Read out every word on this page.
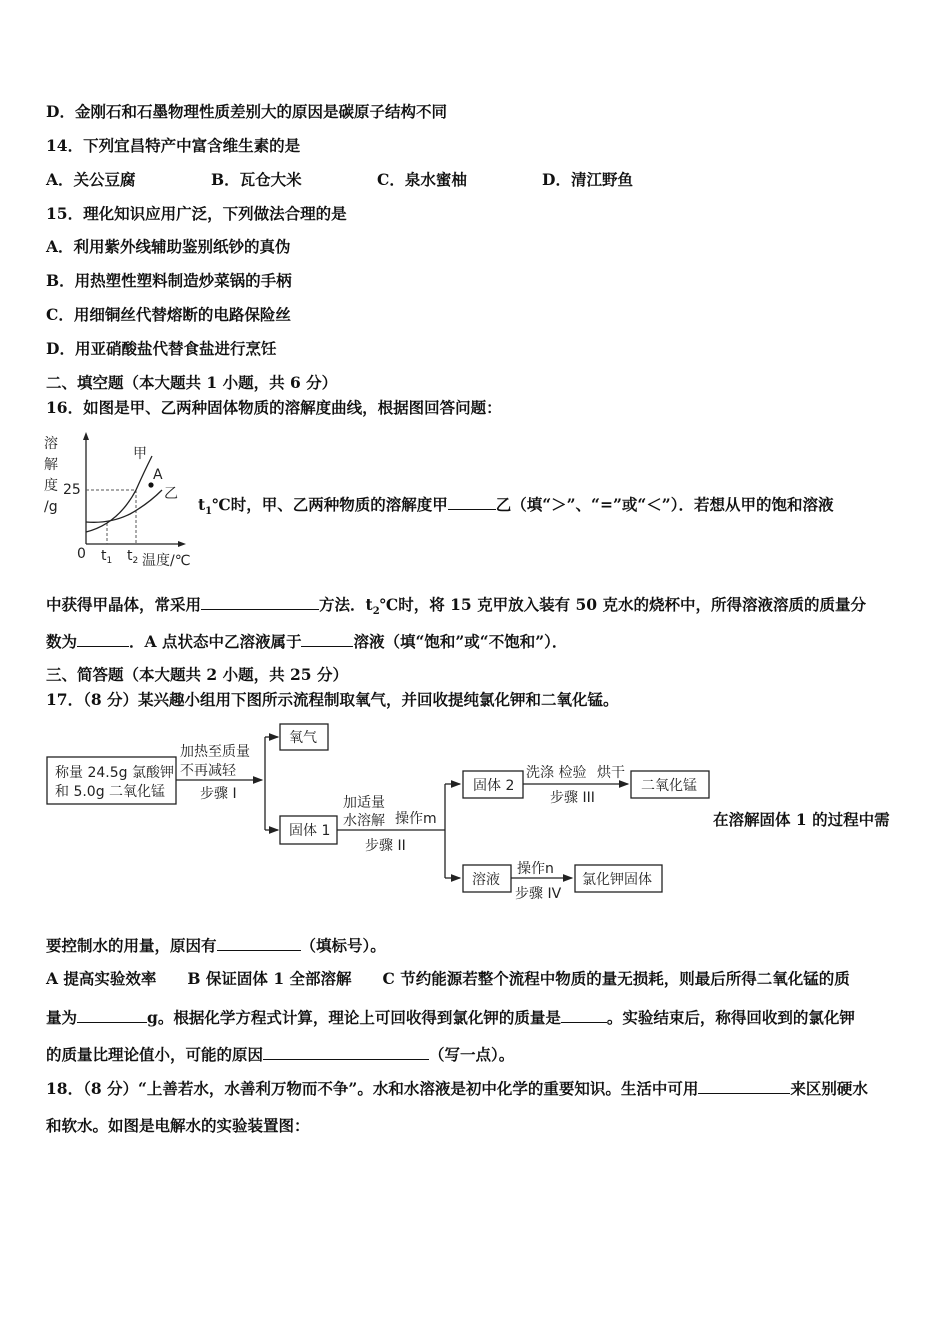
D．金刚石和石墨物理性质差别大的原因是碳原子结构不同
14．下列宜昌特产中富含维生素的是
A．关公豆腐	B．瓦仓大米	C．泉水蜜柚	D．清江野鱼
15．理化知识应用广泛，下列做法合理的是
A．利用紫外线辅助鉴别纸钞的真伪
B．用热塑性塑料制造炒菜锅的手柄
C．用细铜丝代替熔断的电路保险丝
D．用亚硝酸盐代替食盐进行烹饪
二、填空题（本大题共 1 小题，共 6 分）
16．如图是甲、乙两种固体物质的溶解度曲线，根据图回答问题：
溶
解
度
/g
25
0
A
甲
乙
$t_1$ $t_2$ 温度/℃
$t_1℃$时，甲、乙两种物质的溶解度甲	乙（填“＞”、“=”或“＜”）．若想从甲的饱和溶液
中获得甲晶体，常采用	方法．$t_2℃$时，将 15 克甲放入装有 50 克水的烧杯中，所得溶液溶质的质量分
数为	．A 点状态中乙溶液属于	溶液（填“饱和”或“不饱和”）．
三、简答题（本大题共 2 小题，共 25 分）
17．（8 分）某兴趣小组用下图所示流程制取氧气，并回收提纯氯化钾和二氧化锰。
称量 24.5g 氯酸钾
和 5.0g 二氧化锰
加热至质量
不再减轻
步骤 I
氧气
固体 1
加适量
水溶解 操作m
步骤 II
固体 2
洗涤 检验 烘干
步骤 III
二氧化锰
溶液
操作n
步骤 IV
氯化钾固体
在溶解固体 1 的过程中需
要控制水的用量，原因有	（填标号）。
A 提高实验效率　　B 保证固体 1 全部溶解　　C 节约能源若整个流程中物质的量无损耗，则最后所得二氧化锰的质
量为	g。根据化学方程式计算，理论上可回收得到氯化钾的质量是	。实验结束后，称得回收到的氯化钾
的质量比理论值小，可能的原因	（写一点）。
18．（8 分）“上善若水，水善利万物而不争”。水和水溶液是初中化学的重要知识。生活中可用	来区别硬水
和软水。如图是电解水的实验装置图：
